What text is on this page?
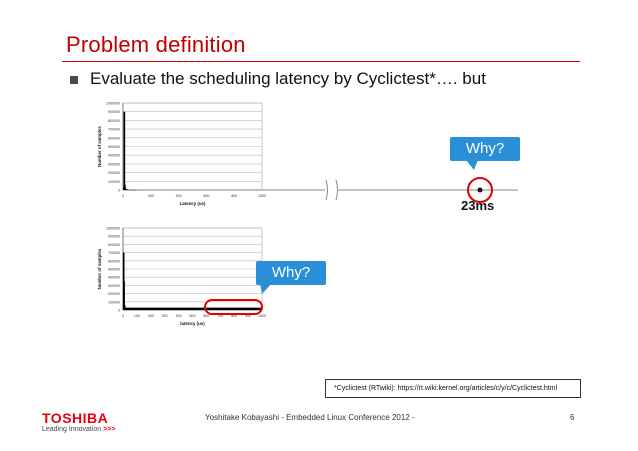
Problem definition
Evaluate the scheduling latency by Cyclictest*…. but
0
100000
200000
300000
400000
500000
600000
700000
800000
900000
1000000
0	200	400	600	800	1000
Latency (us)
Number of samples
0
100000
200000
300000
400000
500000
600000
700000
800000
900000
1000000
0	100 200 300 400 500 600 700 800 900 1000
latency (us)
Number of samples
Why?
Why?
23ms
*Cyclictest (RTwiki): https://rt.wiki.kernel.org/articles/c/y/c/Cyclictest.html
TOSHIBA
Leading Innovation >>>
Yoshitake Kobayashi - Embedded Linux Conference 2012 -	6
